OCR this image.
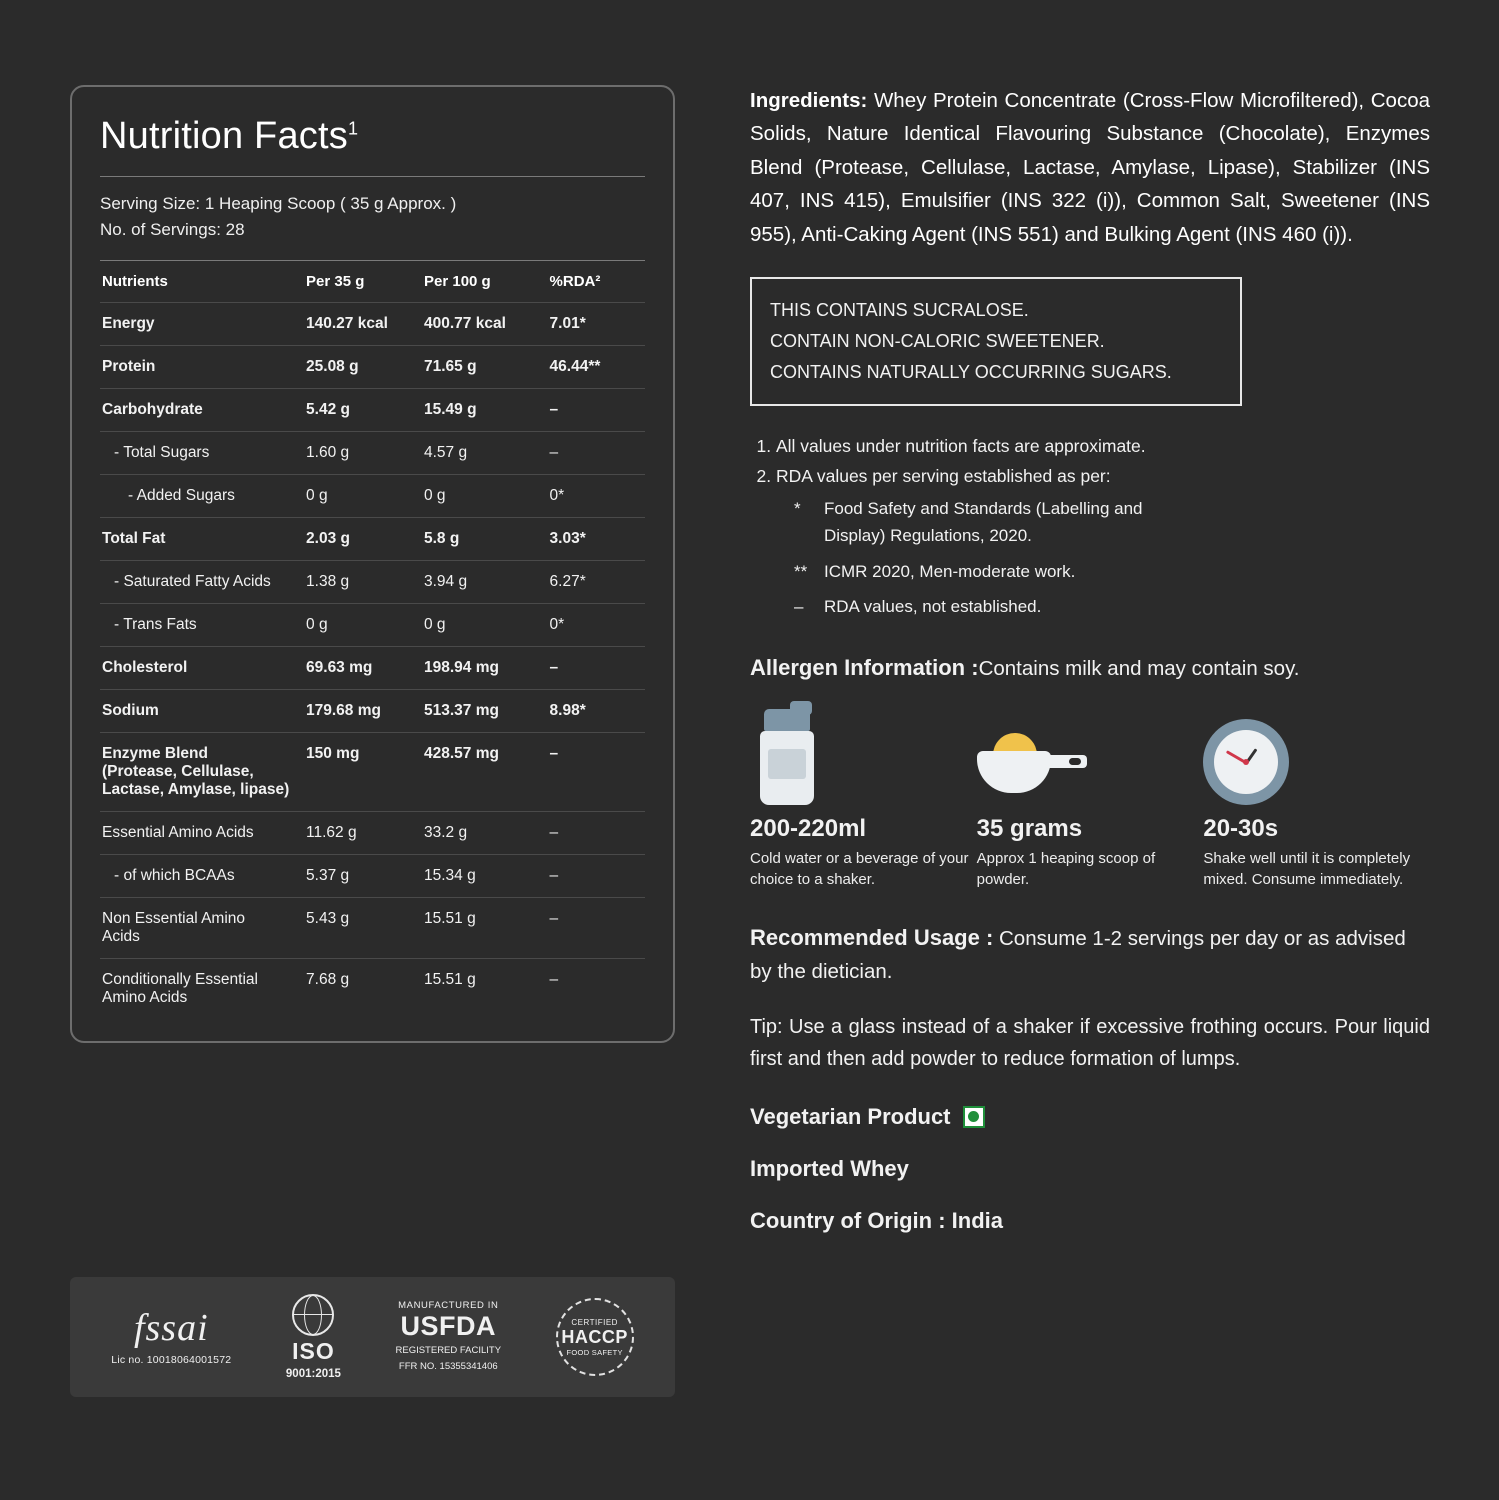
Nutrition Facts$^1$
Serving Size: 1 Heaping Scoop ( 35 g Approx. )
No. of Servings: 28
Nutrients	Per 35 g	Per 100 g	%RDA²
Energy	140.27 kcal	400.77 kcal	7.01*
Protein	25.08 g	71.65 g	46.44**
Carbohydrate	5.42 g	15.49 g	–
- Total Sugars	1.60 g	4.57 g	–
- Added Sugars	0 g	0 g	0*
Total Fat	2.03 g	5.8 g	3.03*
- Saturated Fatty Acids	1.38 g	3.94 g	6.27*
- Trans Fats	0 g	0 g	0*
Cholesterol	69.63 mg	198.94 mg	–
Sodium	179.68 mg	513.37 mg	8.98*
Enzyme Blend
(Protease, Cellulase,
Lactase, Amylase, lipase)	150 mg	428.57 mg	–
Essential Amino Acids	11.62 g	33.2 g	–
- of which BCAAs	5.37 g	15.34 g	–
Non Essential Amino
Acids	5.43 g	15.51 g	–
Conditionally Essential
Amino Acids	7.68 g	15.51 g	–
fssai
Lic no. 10018064001572	ISO
9001:2015
MANUFACTURED IN
USFDA
REGISTERED FACILITY
FFR NO. 15355341406
CERTIFIED
HACCP
FOOD SAFETY
Ingredients: Whey Protein Concentrate (Cross-Flow Microfiltered), Cocoa Solids, Nature Identical Flavouring Substance (Chocolate), Enzymes Blend (Protease, Cellulase, Lactase, Amylase, Lipase), Stabilizer (INS 407, INS 415), Emulsifier (INS 322 (i)), Common Salt, Sweetener (INS 955), Anti-Caking Agent (INS 551) and Bulking Agent (INS 460 (i)).
THIS CONTAINS SUCRALOSE.
CONTAIN NON-CALORIC SWEETENER.
CONTAINS NATURALLY OCCURRING SUGARS.
1. All values under nutrition facts are approximate.
2. RDA values per serving established as per:
* Food Safety and Standards (Labelling and Display) Regulations, 2020.
** ICMR 2020, Men-moderate work.
– RDA values, not established.
Allergen Information :Contains milk and may contain soy.
200-220ml
Cold water or a beverage of your choice to a shaker.
35 grams
Approx 1 heaping scoop of powder.
20-30s
Shake well until it is completely mixed. Consume immediately.
Recommended Usage : Consume 1-2 servings per day or as advised by the dietician.
Tip: Use a glass instead of a shaker if excessive frothing occurs. Pour liquid first and then add powder to reduce formation of lumps.
Vegetarian Product
Imported Whey
Country of Origin : India
